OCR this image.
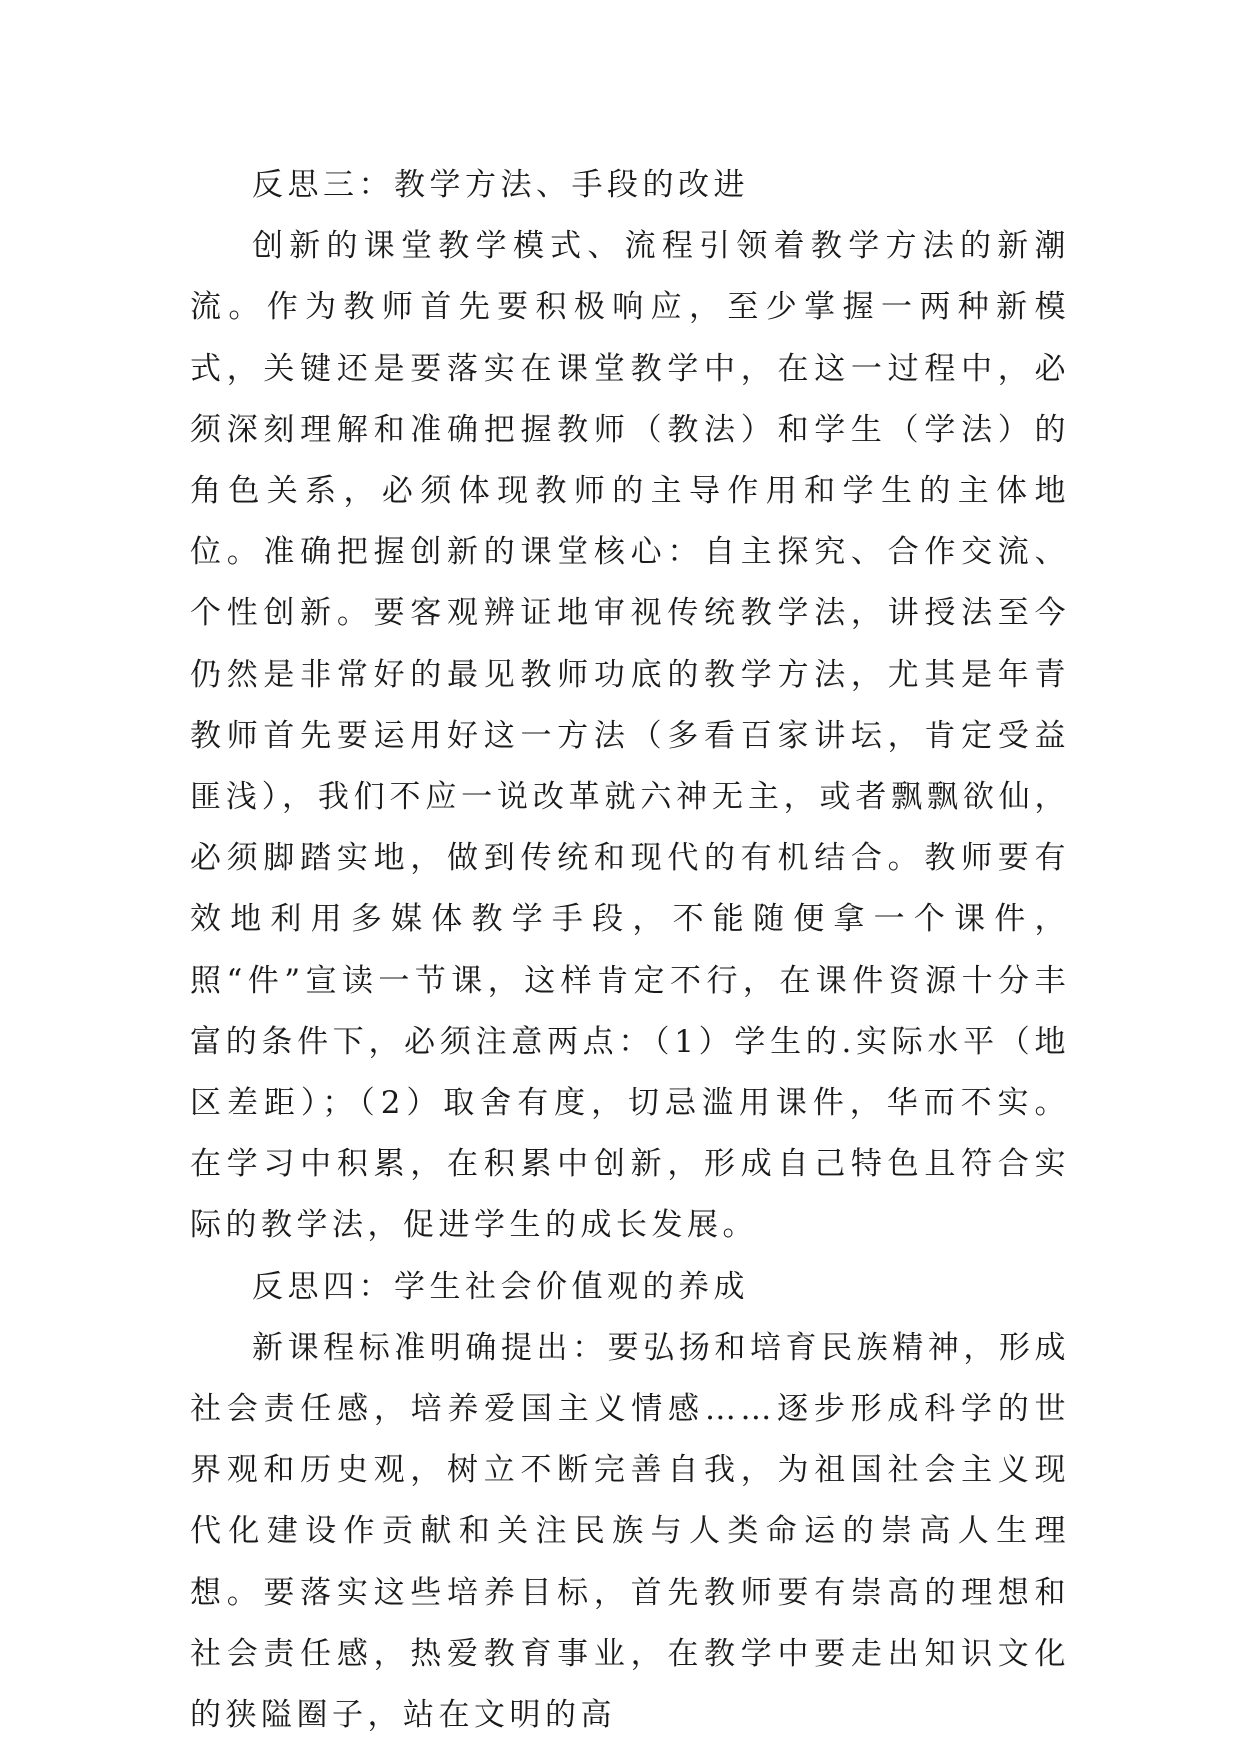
反思三：教学方法、手段的改进

创新的课堂教学模式、流程引领着教学方法的新潮流。作为教师首先要积极响应，至少掌握一两种新模式，关键还是要落实在课堂教学中，在这一过程中，必须深刻理解和准确把握教师（教法）和学生（学法）的角色关系，必须体现教师的主导作用和学生的主体地位。准确把握创新的课堂核心：自主探究、合作交流、个性创新。要客观辨证地审视传统教学法，讲授法至今仍然是非常好的最见教师功底的教学方法，尤其是年青教师首先要运用好这一方法（多看百家讲坛，肯定受益匪浅），我们不应一说改革就六神无主，或者飘飘欲仙，必须脚踏实地，做到传统和现代的有机结合。教师要有效地利用多媒体教学手段，不能随便拿一个课件，照“件”宣读一节课，这样肯定不行，在课件资源十分丰富的条件下，必须注意两点：（1）学生的.实际水平（地区差距）；（2）取舍有度，切忌滥用课件，华而不实。在学习中积累，在积累中创新，形成自己特色且符合实际的教学法，促进学生的成长发展。

反思四：学生社会价值观的养成

新课程标准明确提出：要弘扬和培育民族精神，形成社会责任感，培养爱国主义情感……逐步形成科学的世界观和历史观，树立不断完善自我，为祖国社会主义现代化建设作贡献和关注民族与人类命运的崇高人生理想。要落实这些培养目标，首先教师要有崇高的理想和社会责任感，热爱教育事业，在教学中要走出知识文化的狭隘圈子，站在文明的高
